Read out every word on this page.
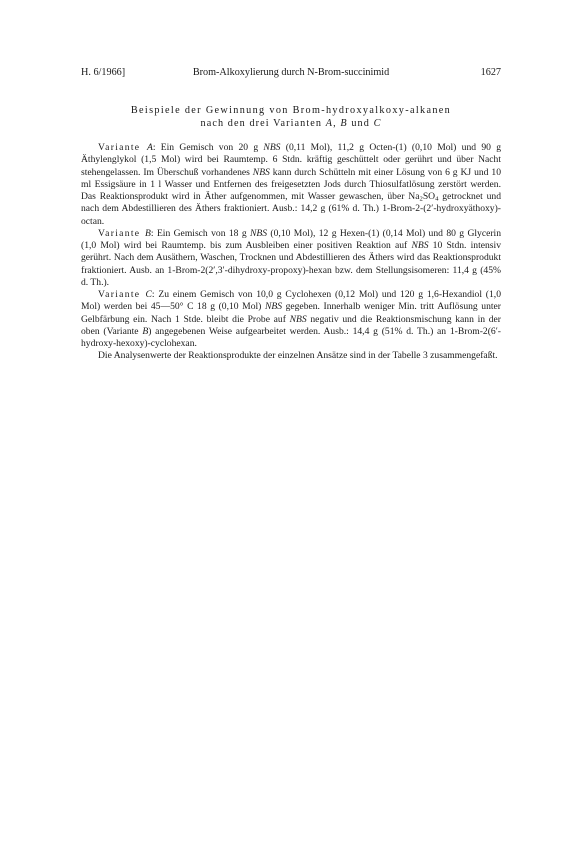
H. 6/1966]	Brom-Alkoxylierung durch N-Brom-succinimid	1627
Beispiele der Gewinnung von Brom-hydroxyalkoxy-alkanen
nach den drei Varianten A, B und C

Variante A: Ein Gemisch von 20 g NBS (0,11 Mol), 11,2 g Octen-(1) (0,10 Mol) und 90 g Äthylenglykol (1,5 Mol) wird bei Raumtemp. 6 Stdn. kräftig geschüttelt oder gerührt und über Nacht stehengelassen. Im Überschuß vorhandenes NBS kann durch Schütteln mit einer Lösung von 6 g KJ und 10 ml Essigsäure in 1 l Wasser und Entfernen des freigesetzten Jods durch Thiosulfatlösung zerstört werden. Das Reaktionsprodukt wird in Äther aufgenommen, mit Wasser gewaschen, über $Na_2SO_4$ getrocknet und nach dem Abdestillieren des Äthers fraktioniert. Ausb.: 14,2 g (61% d. Th.) 1-Brom-2-(2′-hydroxyäthoxy)-octan.

Variante B: Ein Gemisch von 18 g NBS (0,10 Mol), 12 g Hexen-(1) (0,14 Mol) und 80 g Glycerin (1,0 Mol) wird bei Raumtemp. bis zum Ausbleiben einer positiven Reaktion auf NBS 10 Stdn. intensiv gerührt. Nach dem Ausäthern, Waschen, Trocknen und Abdestillieren des Äthers wird das Reaktionsprodukt fraktioniert. Ausb. an 1-Brom-2(2′,3′-dihydroxy-propoxy)-hexan bzw. dem Stellungsisomeren: 11,4 g (45% d. Th.).

Variante C: Zu einem Gemisch von 10,0 g Cyclohexen (0,12 Mol) und 120 g 1,6-Hexandiol (1,0 Mol) werden bei 45—50° C 18 g (0,10 Mol) NBS gegeben. Innerhalb weniger Min. tritt Auflösung unter Gelbfärbung ein. Nach 1 Stde. bleibt die Probe auf NBS negativ und die Reaktionsmischung kann in der oben (Variante B) angegebenen Weise aufgearbeitet werden. Ausb.: 14,4 g (51% d. Th.) an 1-Brom-2(6′-hydroxy-hexoxy)-cyclohexan.

Die Analysenwerte der Reaktionsprodukte der einzelnen Ansätze sind in der Tabelle 3 zusammengefaßt.
